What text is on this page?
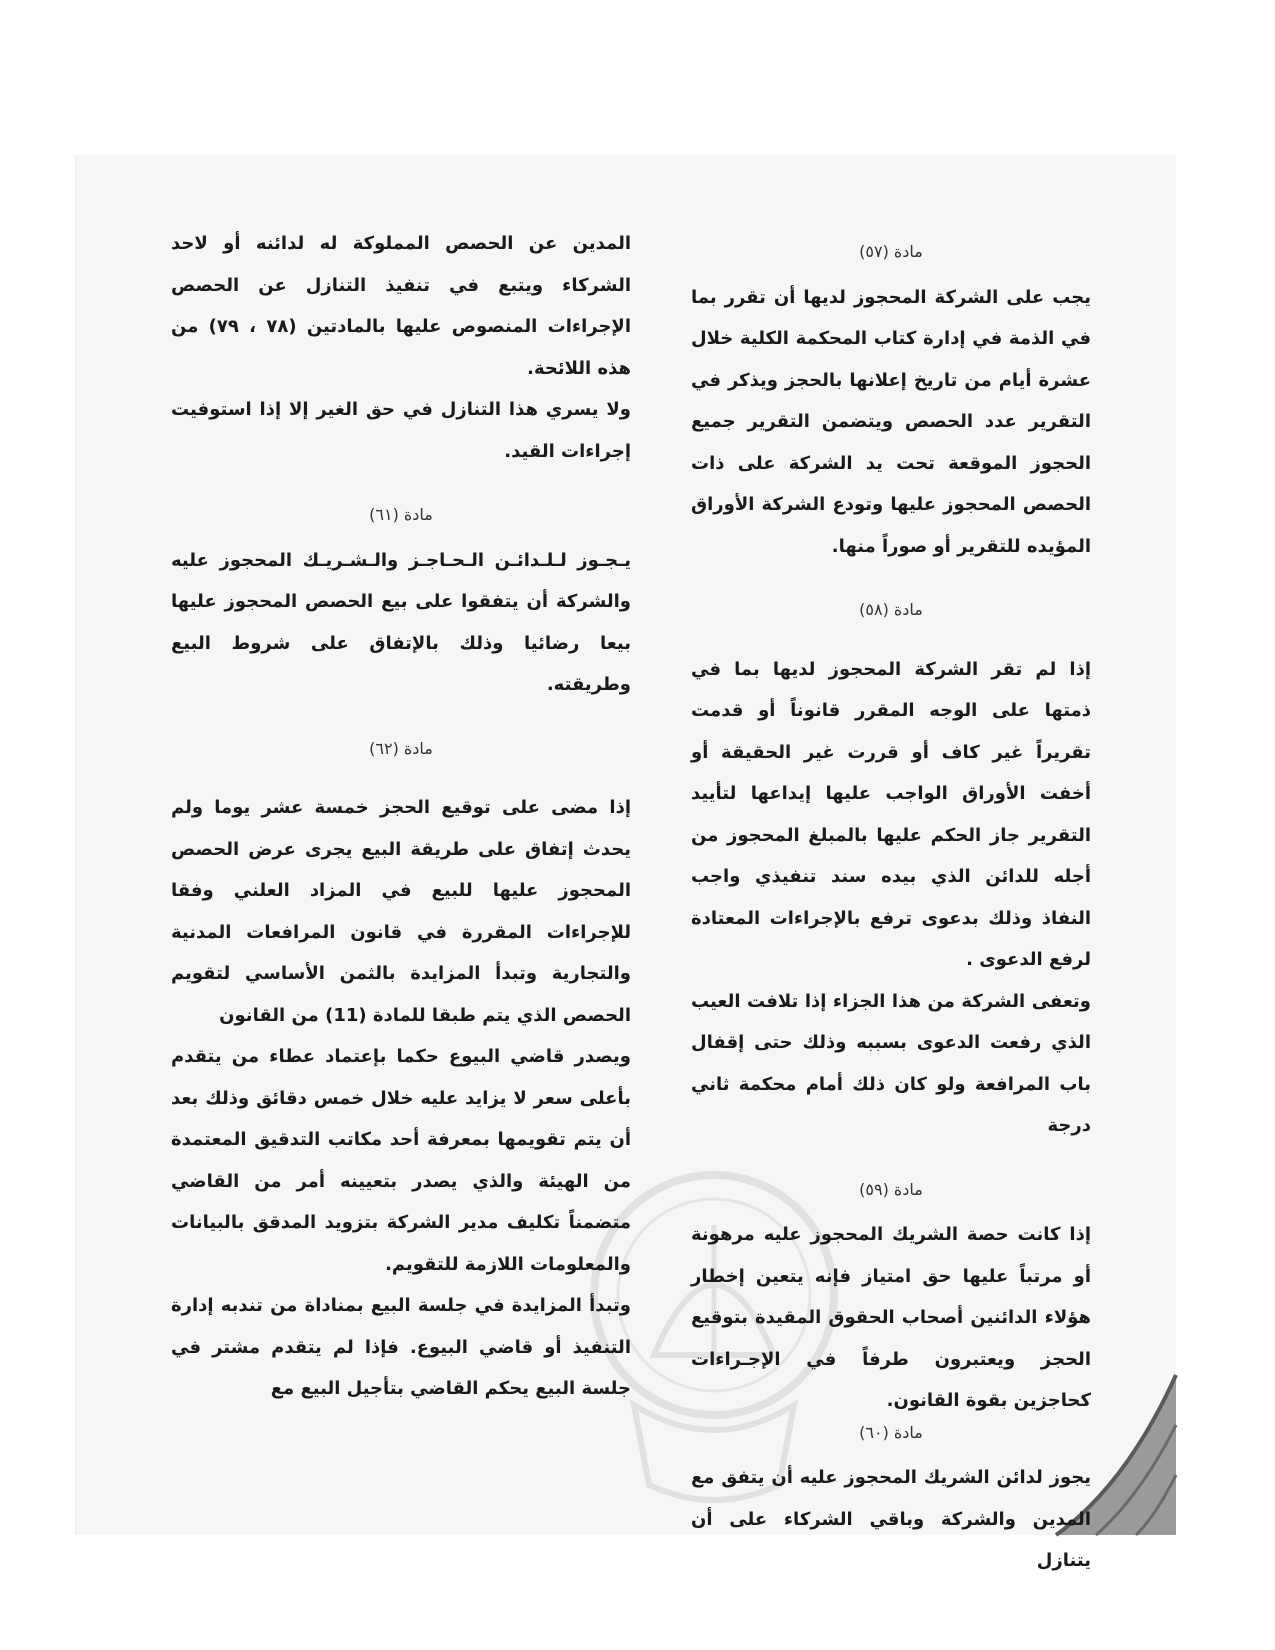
مادة (٥٧)

يجب على الشركة المحجوز لديها أن تقرر بما في الذمة في إدارة كتاب المحكمة الكلية خلال عشرة أيام من تاريخ إعلانها بالحجز ويذكر في التقرير عدد الحصص ويتضمن التقرير جميع الحجوز الموقعة تحت يد الشركة على ذات الحصص المحجوز عليها وتودع الشركة الأوراق المؤيده للتقرير أو صوراً منها.

مادة (٥٨)

إذا لم تقر الشركة المحجوز لديها بما في ذمتها على الوجه المقرر قانوناً أو قدمت تقريراً غير كاف أو قررت غير الحقيقة أو أخفت الأوراق الواجب عليها إيداعها لتأييد التقرير جاز الحكم عليها بالمبلغ المحجوز من أجله للدائن الذي بيده سند تنفيذي واجب النفاذ وذلك بدعوى ترفع بالإجراءات المعتادة لرفع الدعوى .

وتعفى الشركة من هذا الجزاء إذا تلافت العيب الذي رفعت الدعوى بسببه وذلك حتى إقفال باب المرافعة ولو كان ذلك أمام محكمة ثاني درجة

مادة (٥٩)

إذا كانت حصة الشريك المحجوز عليه مرهونة أو مرتباً عليها حق امتياز فإنه يتعين إخطار هؤلاء الدائنين أصحاب الحقوق المقيدة بتوقيع الحجز ويعتبرون طرفاً في الإجـراءات كحاجزين بقوة القانون.

مادة (٦٠)

يجوز لدائن الشريك المحجوز عليه أن يتفق مع المدين والشركة وباقي الشركاء على أن يتنازل

المدين عن الحصص المملوكة له لدائنه أو لاحد الشركاء ويتبع في تنفيذ التنازل عن الحصص الإجراءات المنصوص عليها بالمادتين (٧٨ ، ٧٩) من هذه اللائحة.

ولا يسري هذا التنازل في حق الغير إلا إذا استوفيت إجراءات القيد.

مادة (٦١)

يـجـوز لـلـدائـن الـحـاجـز والـشـريـك المحجوز عليه والشركة أن يتفقوا على بيع الحصص المحجوز عليها بيعا رضائيا وذلك بالإتفاق على شروط البيع وطريقته.

مادة (٦٢)

إذا مضى على توقيع الحجز خمسة عشر يوما ولم يحدث إتفاق على طريقة البيع يجرى عرض الحصص المحجوز عليها للبيع في المزاد العلني وفقا للإجراءات المقررة في قانون المرافعات المدنية والتجارية وتبدأ المزايدة بالثمن الأساسي لتقويم الحصص الذي يتم طبقا للمادة (11) من القانون

ويصدر قاضي البيوع حكما بإعتماد عطاء من يتقدم بأعلى سعر لا يزايد عليه خلال خمس دقائق وذلك بعد أن يتم تقويمها بمعرفة أحد مكاتب التدقيق المعتمدة من الهيئة والذي يصدر بتعيينه أمر من القاضي متضمناً تكليف مدير الشركة بتزويد المدقق بالبيانات والمعلومات اللازمة للتقويم.

وتبدأ المزايدة في جلسة البيع بمناداة من تندبه إدارة التنفيذ أو قاضي البيوع. فإذا لم يتقدم مشتر في جلسة البيع يحكم القاضي بتأجيل البيع مع
